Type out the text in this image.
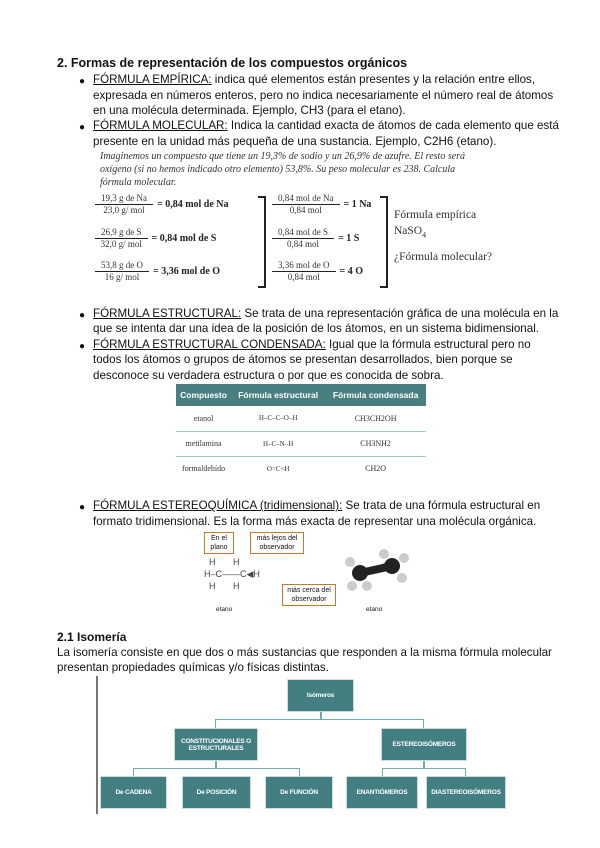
2. Formas de representación de los compuestos orgánicos
● FÓRMULA EMPÍRICA: indica qué elementos están presentes y la relación entre ellos,
expresada en números enteros, pero no indica necesariamente el número real de átomos
en una molécula determinada. Ejemplo, CH3 (para el etano).
● FÓRMULA MOLECULAR: Indica la cantidad exacta de átomos de cada elemento que está
presente en la unidad más pequeña de una sustancia. Ejemplo, C2H6 (etano).
Imaginemos un compuesto que tiene un 19,3% de sodio y un 26,9% de azufre. El resto será
oxígeno (si no hemos indicado otro elemento) 53,8%. Su peso molecular es 238. Calcula
fórmula molecular.
19,3 g de Na
23,0 g/ mol
= 0,84 mol de Na
26,9 g de S
32,0 g/ mol
= 0,84 mol de S
53,8 g de O
16 g/ mol
= 3,36 mol de O
0,84 mol de Na
0,84 mol
= 1 Na
0,84 mol de S
0,84 mol
= 1 S
3,36 mol de O
0,84 mol
= 4 O
Fórmula empírica
NaSO$_4$
¿Fórmula molecular?
● FÓRMULA ESTRUCTURAL: Se trata de una representación gráfica de una molécula en la
que se intenta dar una idea de la posición de los átomos, en un sistema bidimensional.
● FÓRMULA ESTRUCTURAL CONDENSADA: Igual que la fórmula estructural pero no
todos los átomos o grupos de átomos se presentan desarrollados, bien porque se
desconoce su verdadera estructura o por que es conocida de sobra.
Compuesto	Fórmula estructural	Fórmula condensada
etanol	H–C–C–O–H	CH3CH2OH
metilamina	H–C–N–H	CH3NH2
formaldehído	O=C<H	CH2O
● FÓRMULA ESTEREOQUÍMICA (tridimensional): Se trata de una fórmula estructural en
formato tridimensional. Es la forma más exacta de representar una molécula orgánica.
En el plano
más lejos del observador
más cerca del observador
H       H
H–C——C◀H
H       H
etano	etano
2.1 Isomería
La isomería consiste en que dos o más sustancias que responden a la misma fórmula molecular
presentan propiedades químicas y/o físicas distintas.
Isómeros
CONSTITUCIONALES O ESTRUCTURALES	ESTEREOISÓMEROS
De CADENA	De POSICIÓN	De FUNCIÓN	ENANTIÓMEROS	DIASTEREOISÓMEROS
